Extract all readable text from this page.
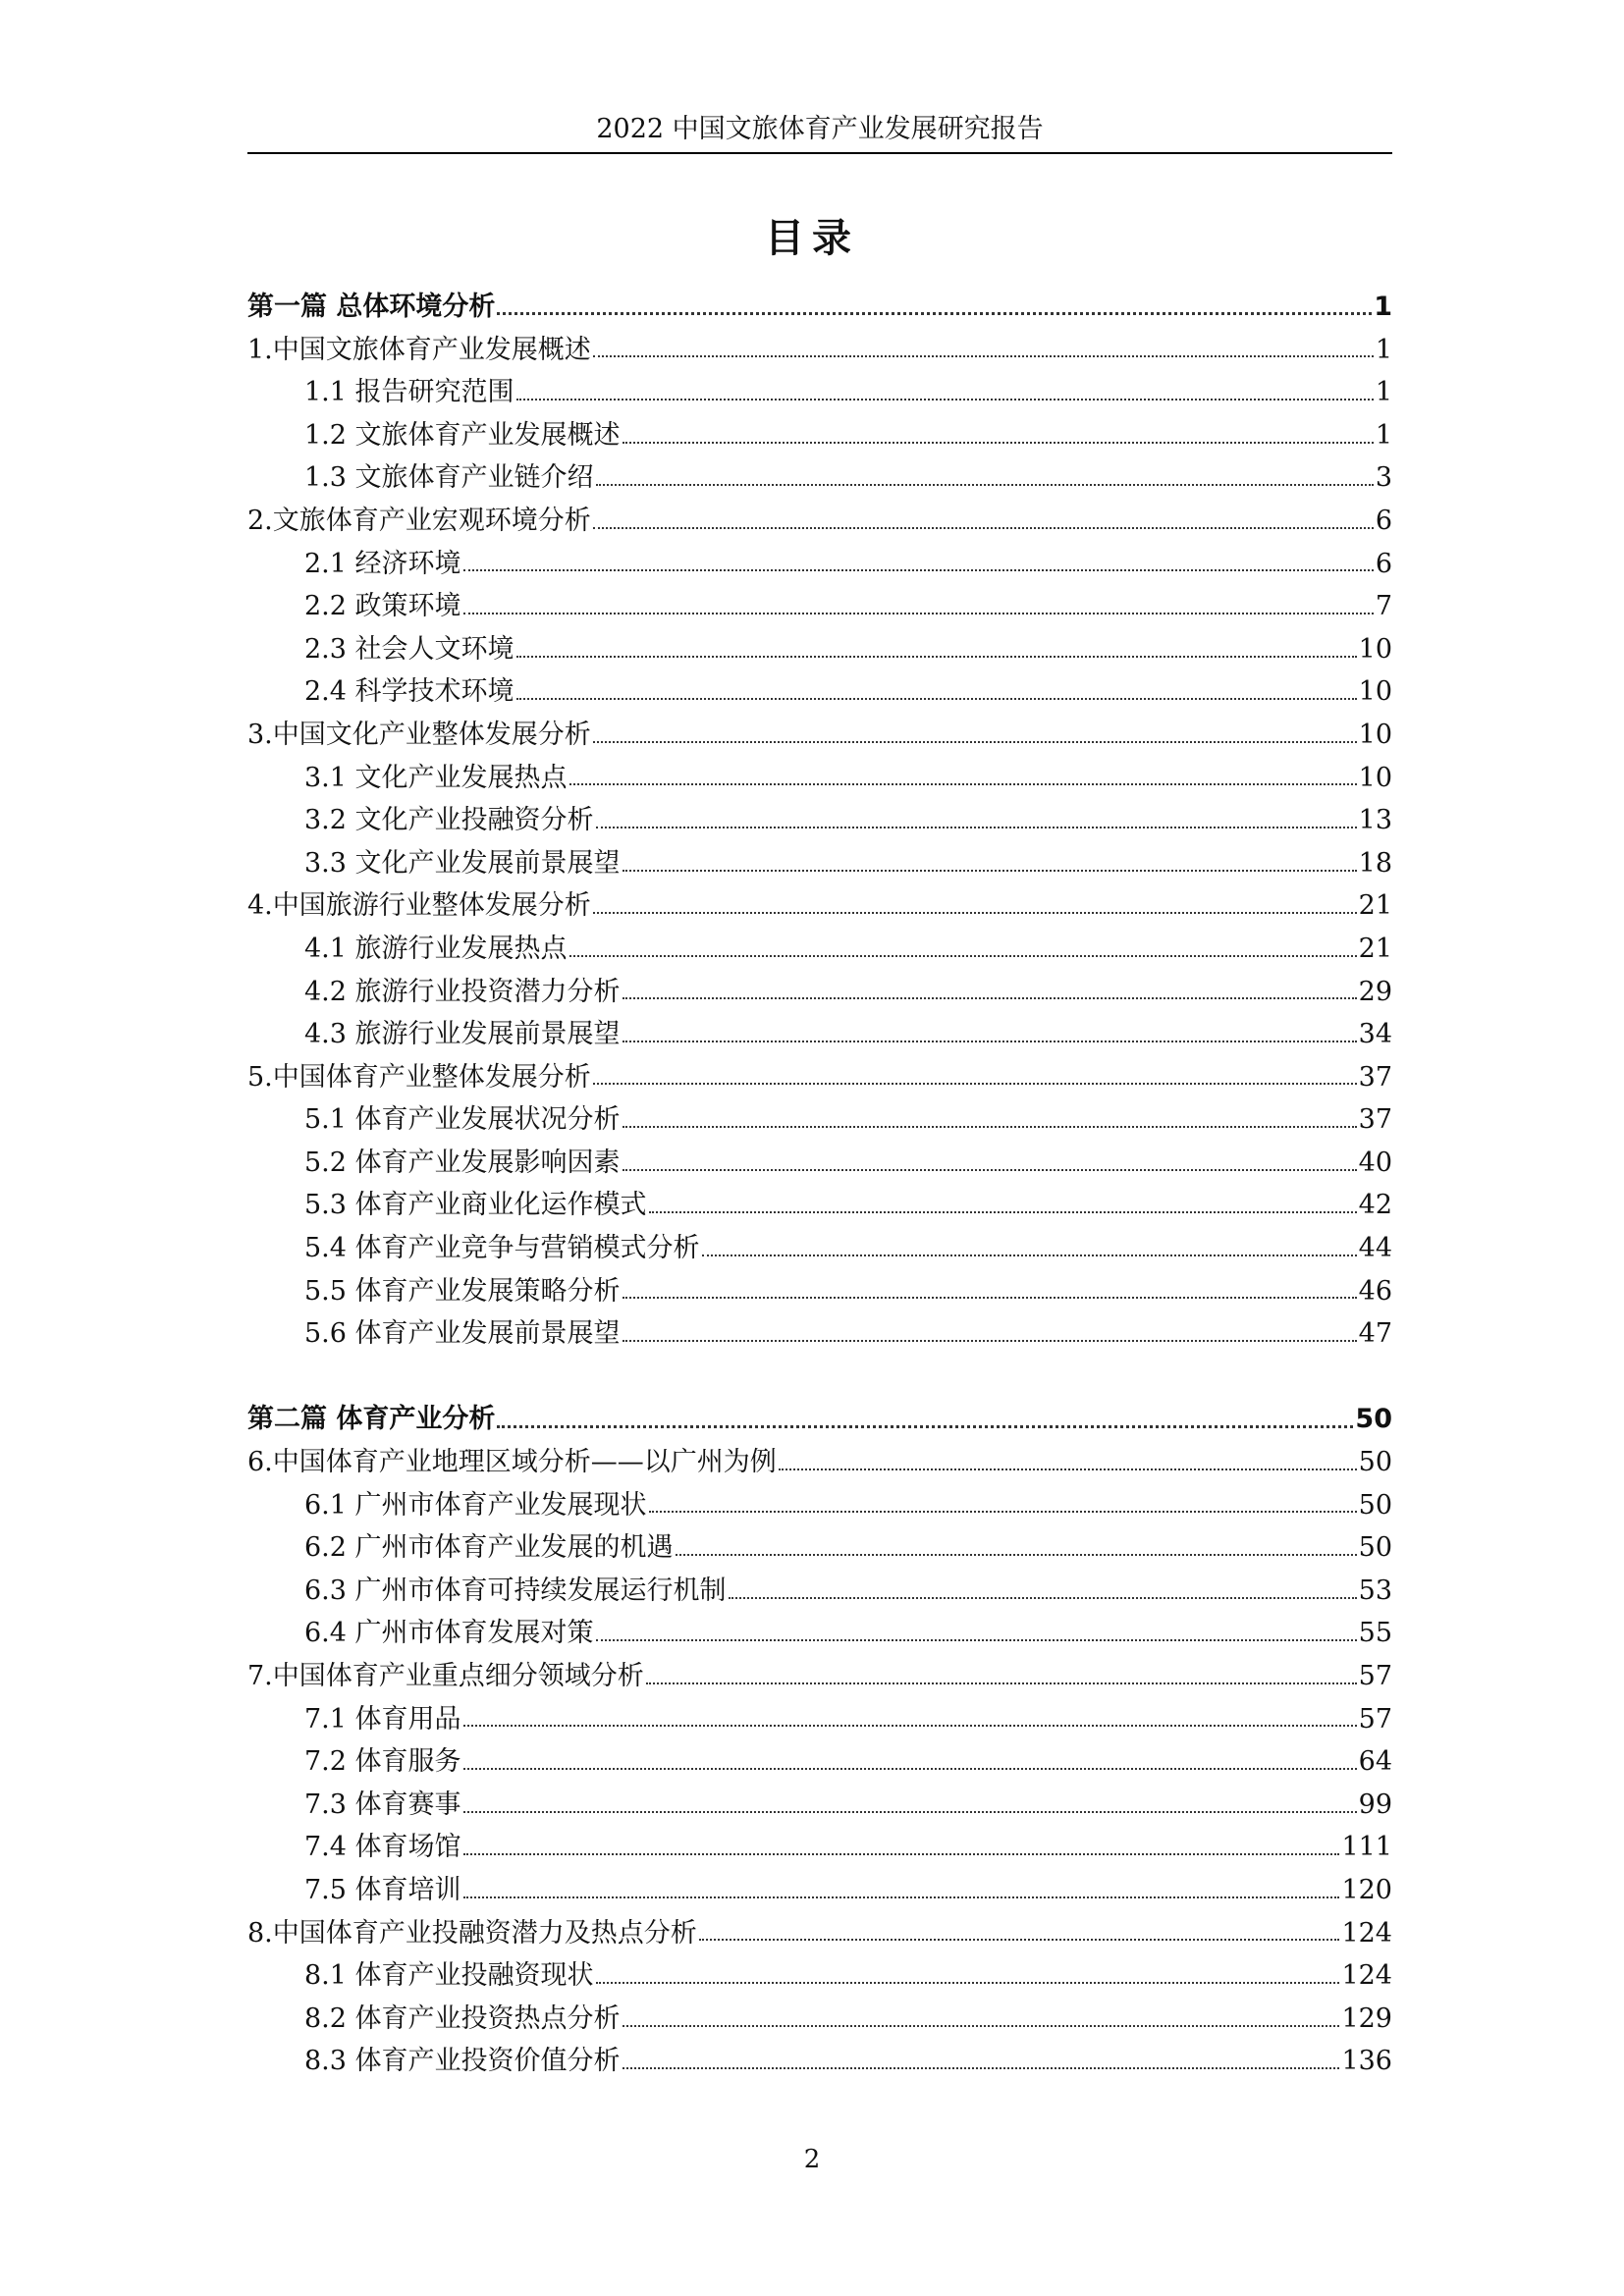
2022 中国文旅体育产业发展研究报告
目录
第一篇 总体环境分析	1
1.中国文旅体育产业发展概述	1
1.1 报告研究范围	1
1.2 文旅体育产业发展概述	1
1.3 文旅体育产业链介绍	3
2.文旅体育产业宏观环境分析	6
2.1 经济环境	6
2.2 政策环境	7
2.3 社会人文环境	10
2.4 科学技术环境	10
3.中国文化产业整体发展分析	10
3.1 文化产业发展热点	10
3.2 文化产业投融资分析	13
3.3 文化产业发展前景展望	18
4.中国旅游行业整体发展分析	21
4.1 旅游行业发展热点	21
4.2 旅游行业投资潜力分析	29
4.3 旅游行业发展前景展望	34
5.中国体育产业整体发展分析	37
5.1 体育产业发展状况分析	37
5.2 体育产业发展影响因素	40
5.3 体育产业商业化运作模式	42
5.4 体育产业竞争与营销模式分析	44
5.5 体育产业发展策略分析	46
5.6 体育产业发展前景展望	47
第二篇 体育产业分析	50
6.中国体育产业地理区域分析——以广州为例	50
6.1 广州市体育产业发展现状	50
6.2 广州市体育产业发展的机遇	50
6.3 广州市体育可持续发展运行机制	53
6.4 广州市体育发展对策	55
7.中国体育产业重点细分领域分析	57
7.1 体育用品	57
7.2 体育服务	64
7.3 体育赛事	99
7.4 体育场馆	111
7.5 体育培训	120
8.中国体育产业投融资潜力及热点分析	124
8.1 体育产业投融资现状	124
8.2 体育产业投资热点分析	129
8.3 体育产业投资价值分析	136
2
